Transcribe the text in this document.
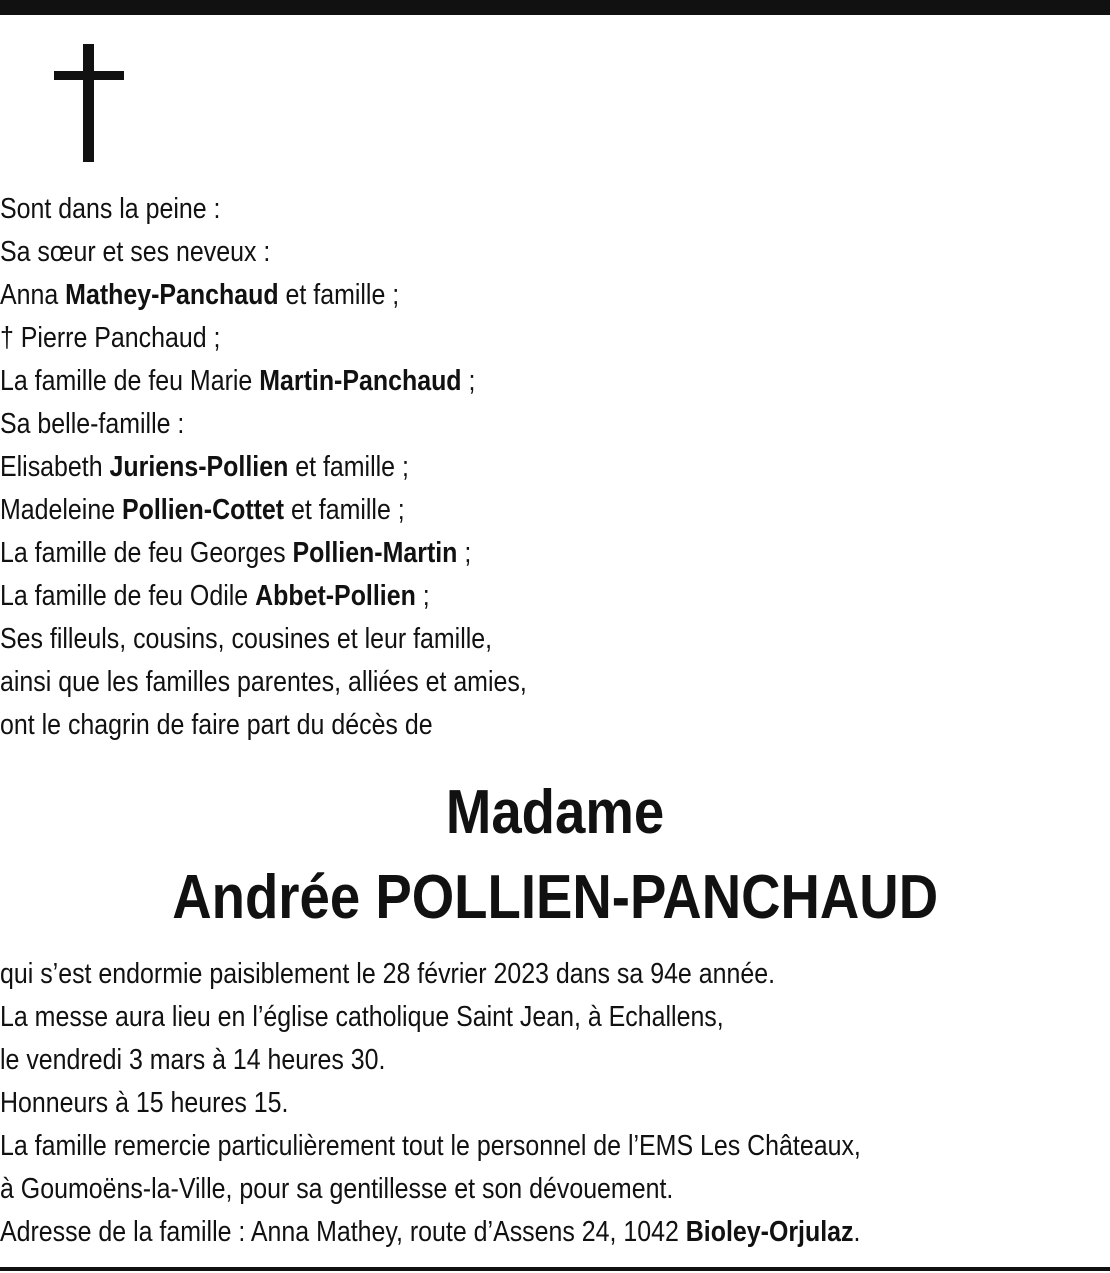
Sont dans la peine :
Sa sœur et ses neveux :
Anna Mathey-Panchaud et famille ;
† Pierre Panchaud ;
La famille de feu Marie Martin-Panchaud ;
Sa belle-famille :
Elisabeth Juriens-Pollien et famille ;
Madeleine Pollien-Cottet et famille ;
La famille de feu Georges Pollien-Martin ;
La famille de feu Odile Abbet-Pollien ;
Ses filleuls, cousins, cousines et leur famille,
ainsi que les familles parentes, alliées et amies,
ont le chagrin de faire part du décès de
Madame
Andrée POLLIEN-PANCHAUD
qui s’est endormie paisiblement le 28 février 2023 dans sa 94e année.
La messe aura lieu en l’église catholique Saint Jean, à Echallens,
le vendredi 3 mars à 14 heures 30.
Honneurs à 15 heures 15.
La famille remercie particulièrement tout le personnel de l’EMS Les Châteaux,
à Goumoëns-la-Ville, pour sa gentillesse et son dévouement.
Adresse de la famille : Anna Mathey, route d’Assens 24, 1042 Bioley-Orjulaz.
